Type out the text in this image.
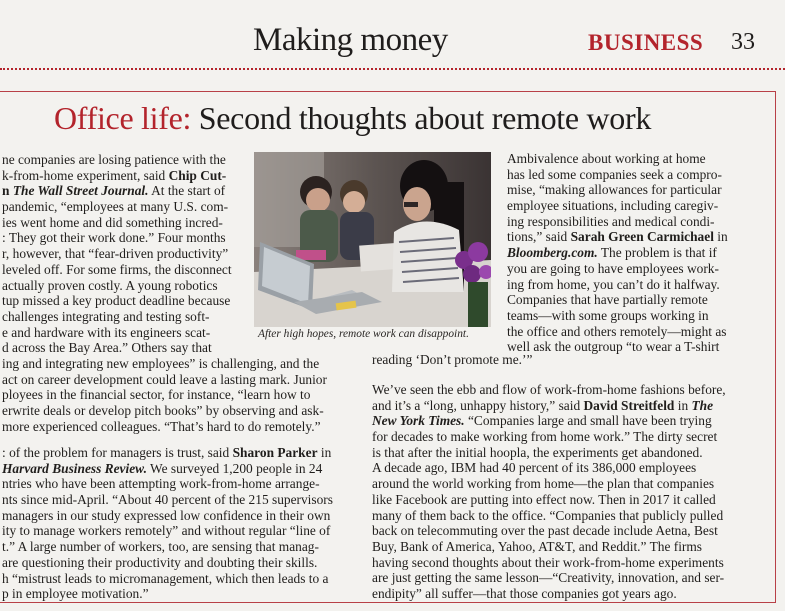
Making money	BUSINESS 33
Office life: Second thoughts about remote work
After high hopes, remote work can disappoint.
ne companies are losing patience with the
k-from-home experiment, said Chip Cut-
n The Wall Street Journal. At the start of
pandemic, “employees at many U.S. com-
ies went home and did something incred-
: They got their work done.” Four months
r, however, that “fear-driven productivity”
leveled off. For some firms, the disconnect
actually proven costly. A young robotics
tup missed a key product deadline because
challenges integrating and testing soft-
e and hardware with its engineers scat-
d across the Bay Area.” Others say that
ing and integrating new employees” is challenging, and the
act on career development could leave a lasting mark. Junior
ployees in the financial sector, for instance, “learn how to
erwrite deals or develop pitch books” by observing and ask-
more experienced colleagues. “That’s hard to do remotely.”
: of the problem for managers is trust, said Sharon Parker in
Harvard Business Review. We surveyed 1,200 people in 24
ntries who have been attempting work-from-home arrange-
nts since mid-April. “About 40 percent of the 215 supervisors
managers in our study expressed low confidence in their own
ity to manage workers remotely” and without regular “line of
t.” A large number of workers, too, are sensing that manag-
are questioning their productivity and doubting their skills.
h “mistrust leads to micromanagement, which then leads to a
p in employee motivation.”
Ambivalence about working at home
has led some companies seek a compro-
mise, “making allowances for particular
employee situations, including caregiv-
ing responsibilities and medical condi-
tions,” said Sarah Green Carmichael in
Bloomberg.com. The problem is that if
you are going to have employees work-
ing from home, you can’t do it halfway.
Companies that have partially remote
teams—with some groups working in
the office and others remotely—might as
well ask the outgroup “to wear a T-shirt
reading ‘Don’t promote me.’”
We’ve seen the ebb and flow of work-from-home fashions before,
and it’s a “long, unhappy history,” said David Streitfeld in The
New York Times. “Companies large and small have been trying
for decades to make working from home work.” The dirty secret
is that after the initial hoopla, the experiments get abandoned.
A decade ago, IBM had 40 percent of its 386,000 employees
around the world working from home—the plan that companies
like Facebook are putting into effect now. Then in 2017 it called
many of them back to the office. “Companies that publicly pulled
back on telecommuting over the past decade include Aetna, Best
Buy, Bank of America, Yahoo, AT&T, and Reddit.” The firms
having second thoughts about their work-from-home experiments
are just getting the same lesson—“Creativity, innovation, and ser-
endipity” all suffer—that those companies got years ago.
